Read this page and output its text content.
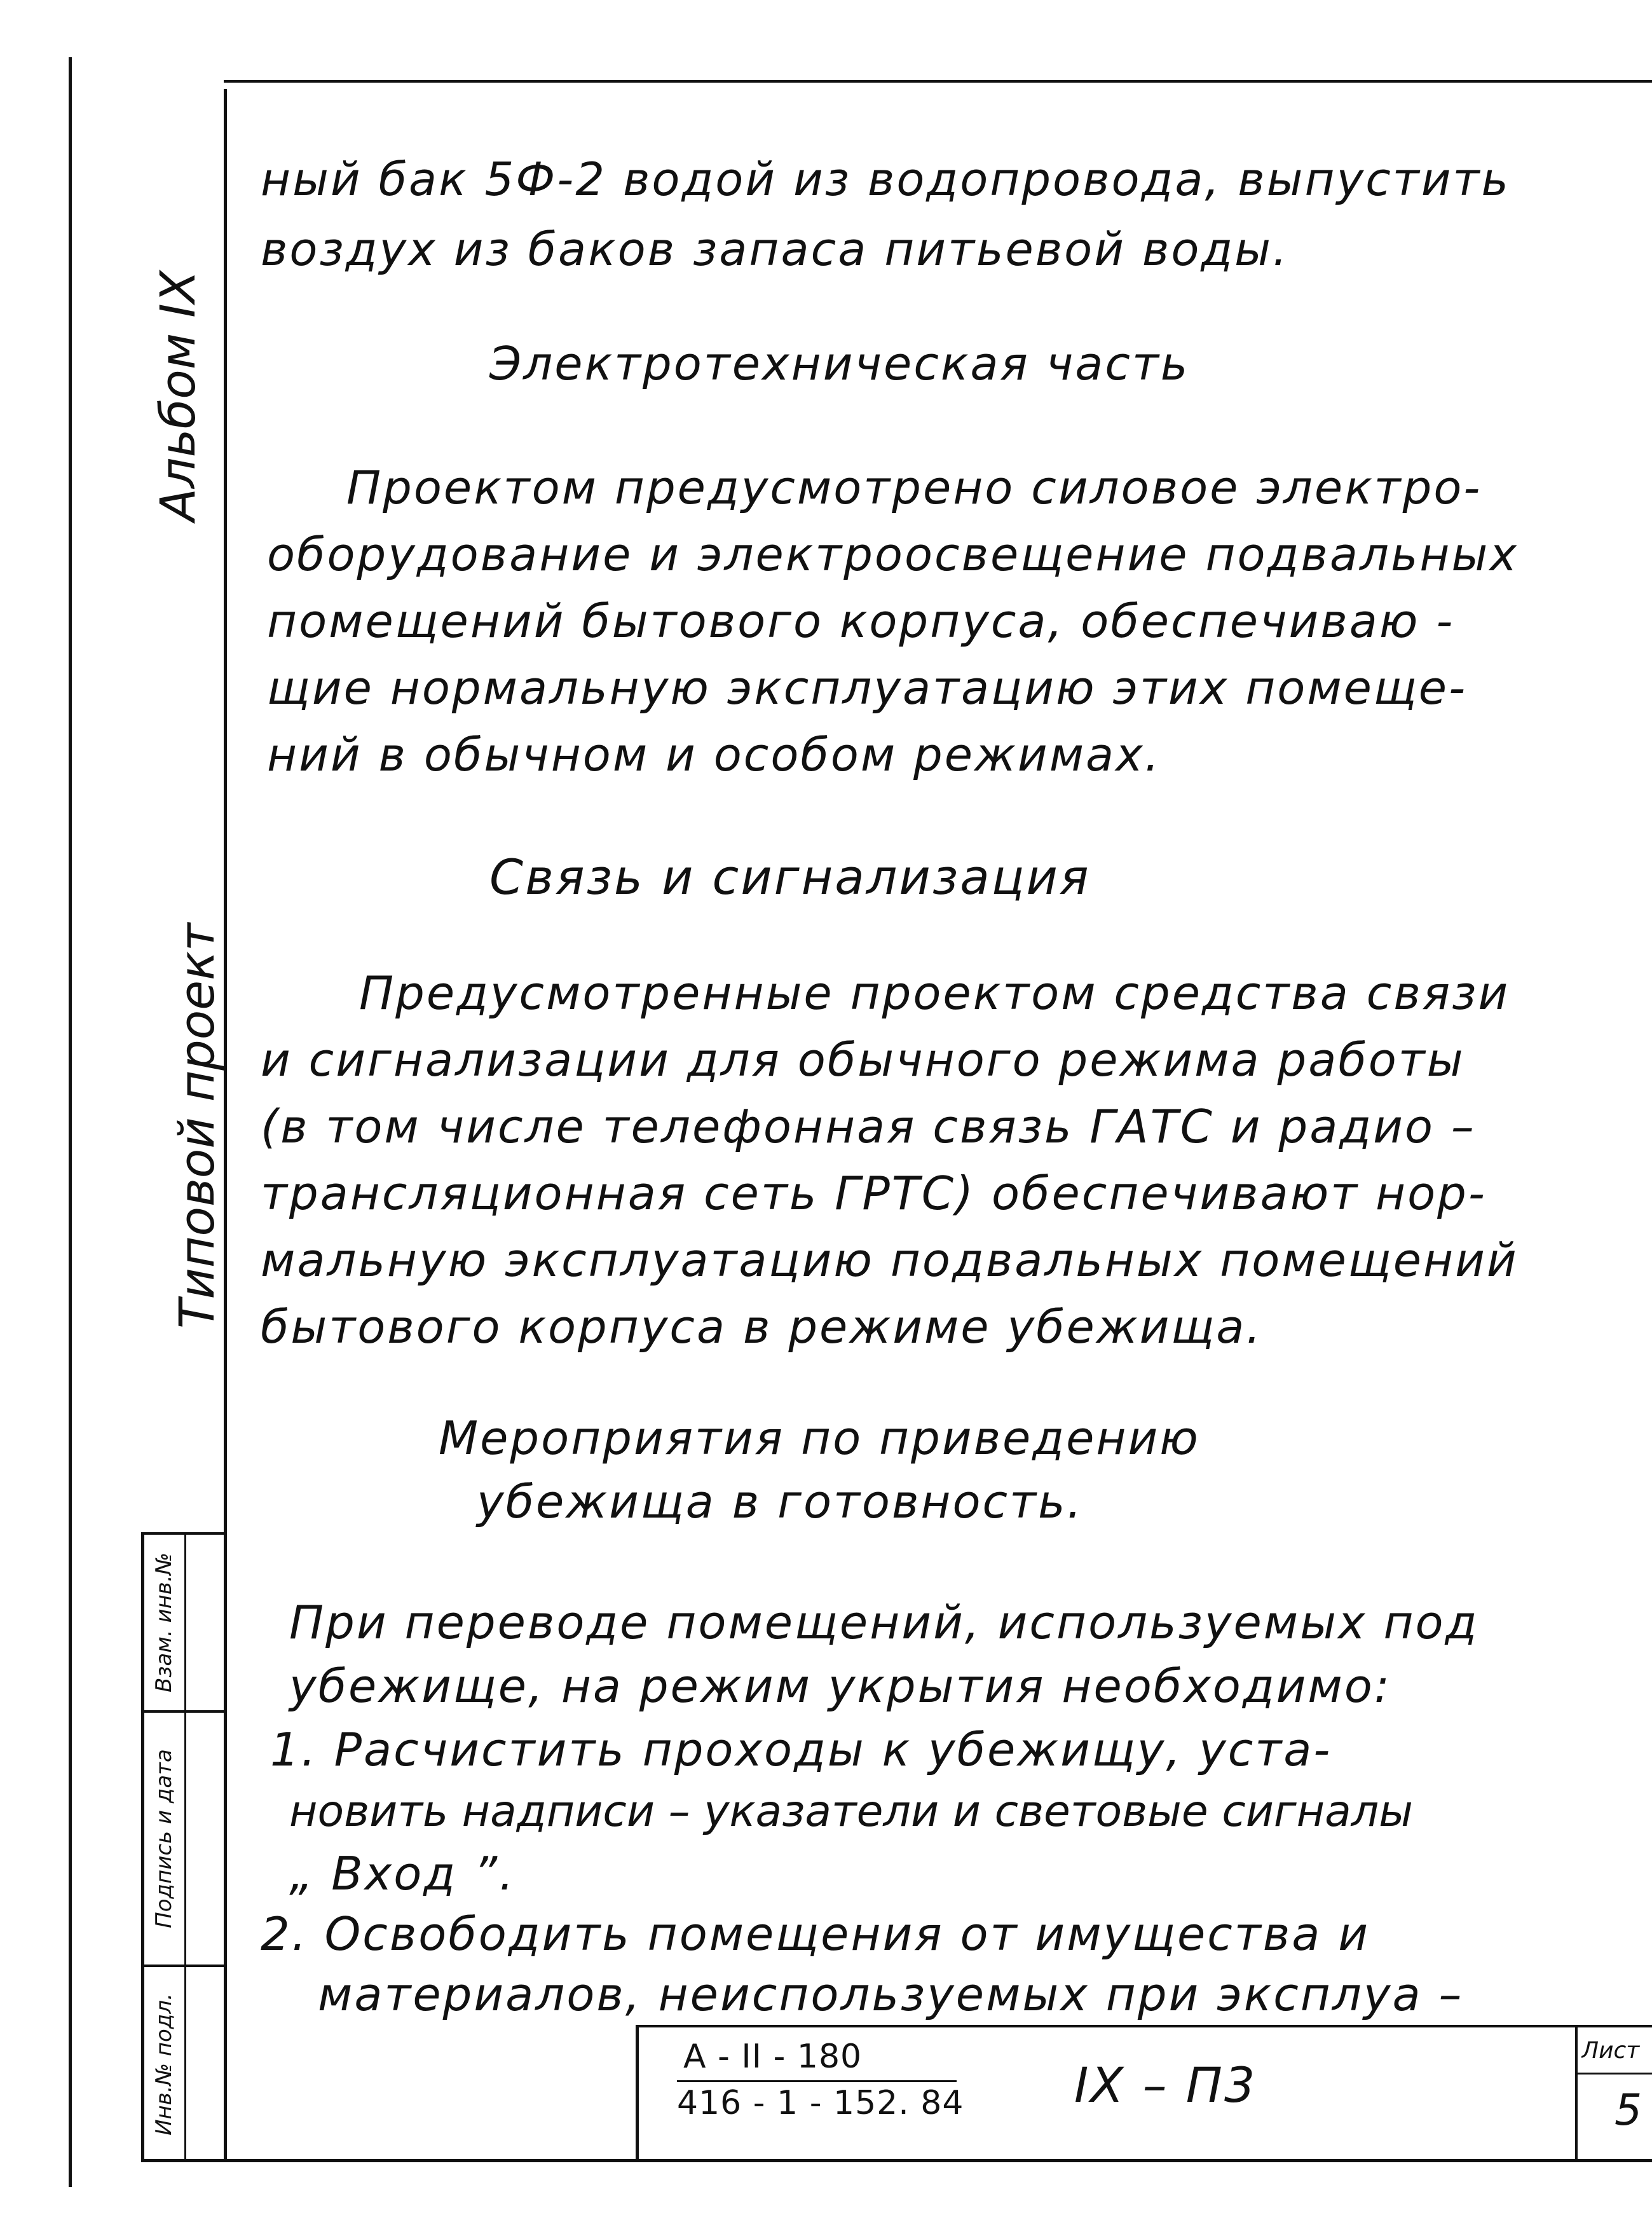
Альбом IX
Типовой проект
Взам. инв.№
Подпись и дата
Инв.№ подл.
ный бак 5Ф-2 водой из водопровода, выпустить
воздух из баков запаса питьевой воды.
Электротехническая часть
Проектом предусмотрено силовое электро-
оборудование и электроосвещение подвальных
помещений бытового корпуса, обеспечиваю -
щие нормальную эксплуатацию этих помеще-
ний в обычном и особом режимах.
Связь и сигнализация
Предусмотренные проектом средства связи
и сигнализации для обычного режима работы
(в том числе телефонная связь ГАТС и радио –
трансляционная сеть ГРТС) обеспечивают нор-
мальную эксплуатацию подвальных помещений
бытового корпуса в режиме убежища.
Мероприятия по приведению
убежища в готовность.
При переводе помещений, используемых под
убежище, на режим укрытия необходимо:
1. Расчистить проходы к убежищу, уста-
новить надписи – указатели и световые сигналы
„ Вход ”.
2. Освободить помещения от имущества и
материалов, неиспользуемых при эксплуа –
А - II - 180
416 - 1 - 152. 84 IX – П3
Лист
5
